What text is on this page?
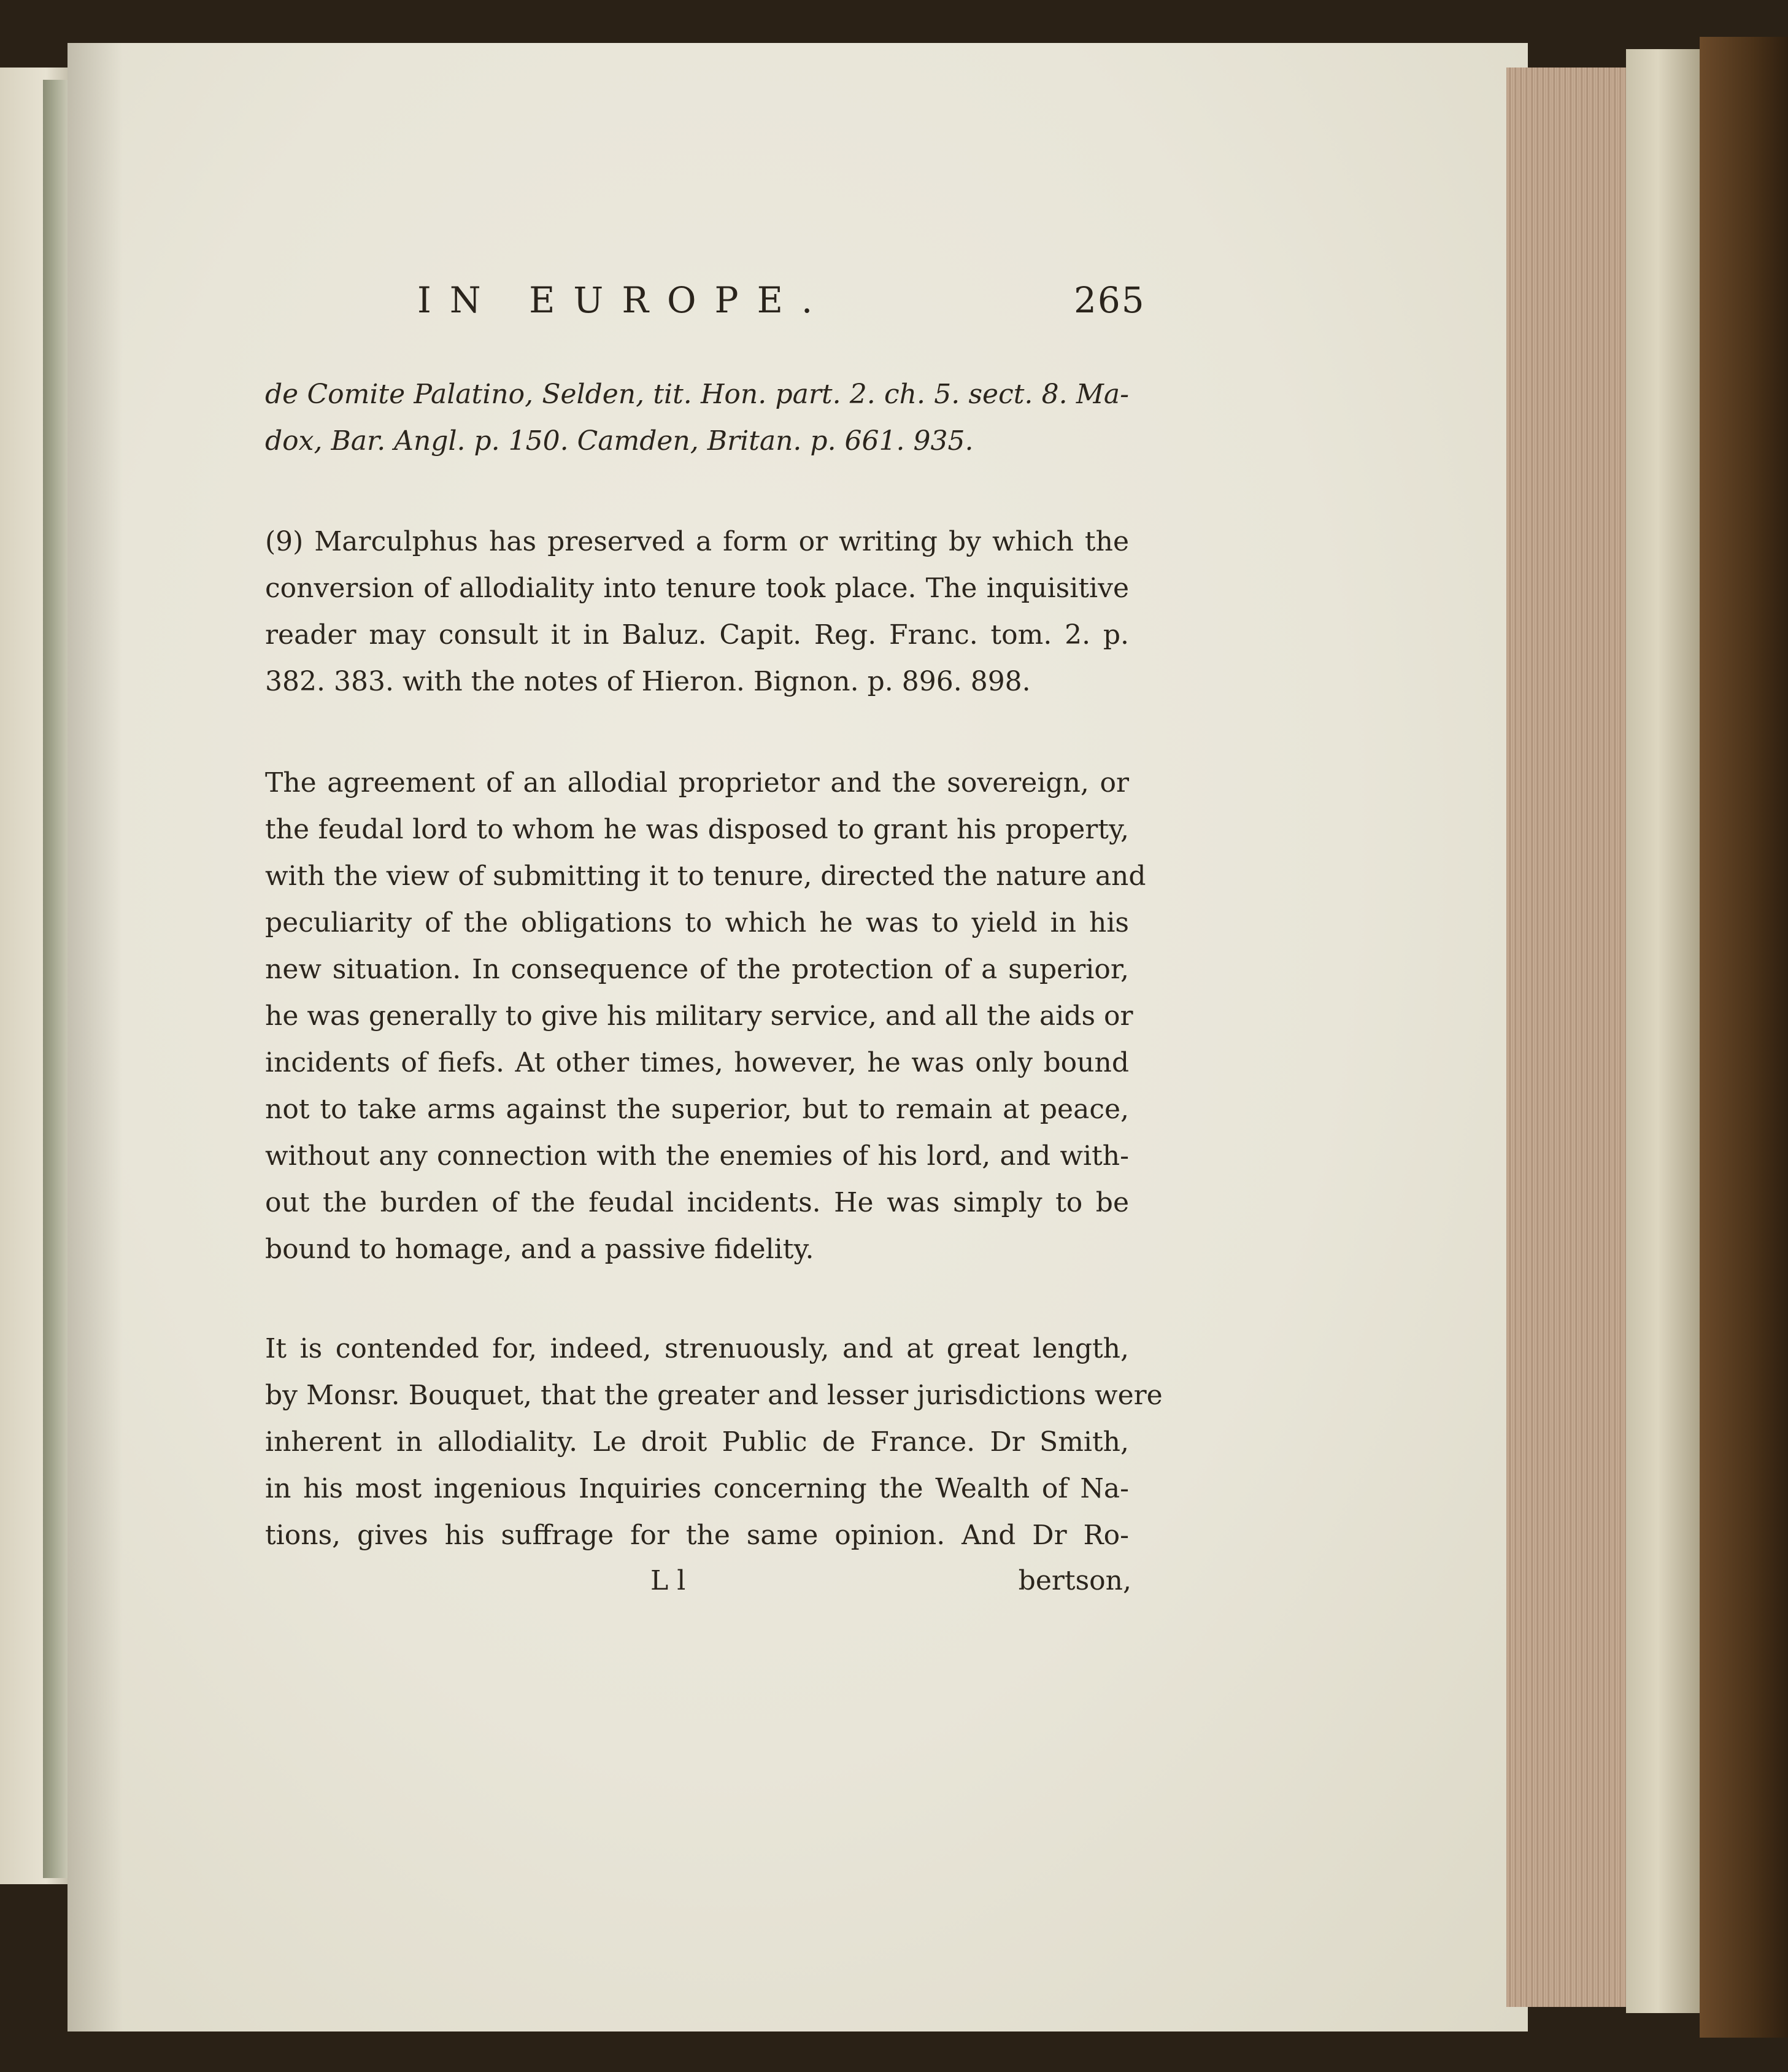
IN EUROPE.	265
de Comite Palatino, Selden, tit. Hon. part. 2. ch. 5. sect. 8. Ma-
dox, Bar. Angl. p. 150. Camden, Britan. p. 661. 935.
(9) Marculphus has preserved a form or writing by which the
conversion of allodiality into tenure took place. The inquisitive
reader may consult it in Baluz. Capit. Reg. Franc. tom. 2. p.
382. 383. with the notes of Hieron. Bignon. p. 896. 898.
The agreement of an allodial proprietor and the sovereign, or
the feudal lord to whom he was disposed to grant his property,
with the view of submitting it to tenure, directed the nature and
peculiarity of the obligations to which he was to yield in his
new situation. In consequence of the protection of a superior,
he was generally to give his military service, and all the aids or
incidents of fiefs. At other times, however, he was only bound
not to take arms against the superior, but to remain at peace,
without any connection with the enemies of his lord, and with-
out the burden of the feudal incidents. He was simply to be
bound to homage, and a passive fidelity.
It is contended for, indeed, strenuously, and at great length,
by Monsr. Bouquet, that the greater and lesser jurisdictions were
inherent in allodiality. Le droit Public de France. Dr Smith,
in his most ingenious Inquiries concerning the Wealth of Na-
tions, gives his suffrage for the same opinion. And Dr Ro-
L l	bertson,
